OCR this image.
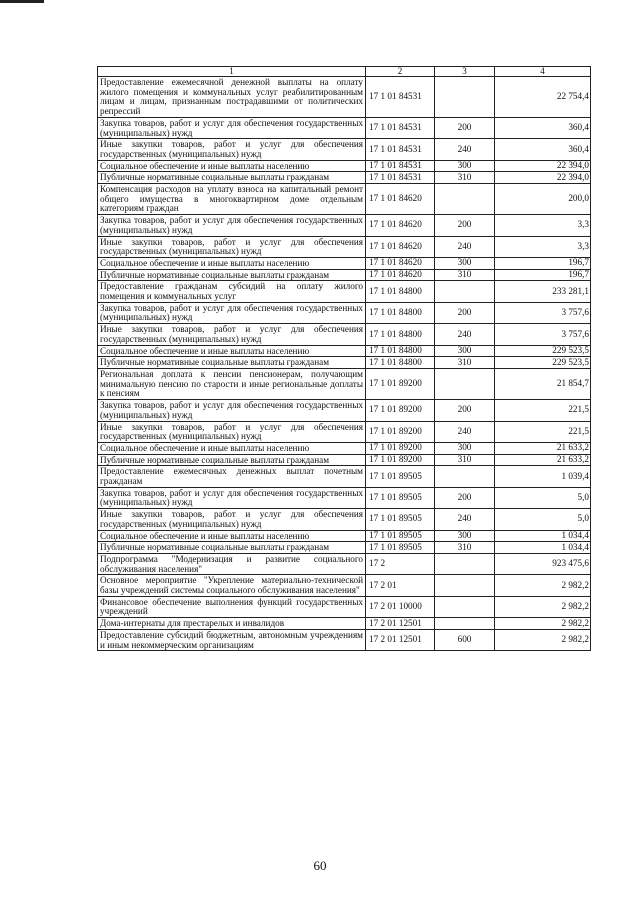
1	2	3	4
Предоставление ежемесячной денежной выплаты на оплату жилого помещения и коммунальных услуг реабилитированным лицам и лицам, признанным пострадавшими от политических репрессий	17 1 01 84531		22 754,4
Закупка товаров, работ и услуг для обеспечения государственных (муниципальных) нужд	17 1 01 84531	200	360,4
Иные закупки товаров, работ и услуг для обеспечения государственных (муниципальных) нужд	17 1 01 84531	240	360,4
Социальное обеспечение и иные выплаты населению	17 1 01 84531	300	22 394,0
Публичные нормативные социальные выплаты гражданам	17 1 01 84531	310	22 394,0
Компенсация расходов на уплату взноса на капитальный ремонт общего имущества в многоквартирном доме отдельным категориям граждан	17 1 01 84620		200,0
Закупка товаров, работ и услуг для обеспечения государственных (муниципальных) нужд	17 1 01 84620	200	3,3
Иные закупки товаров, работ и услуг для обеспечения государственных (муниципальных) нужд	17 1 01 84620	240	3,3
Социальное обеспечение и иные выплаты населению	17 1 01 84620	300	196,7
Публичные нормативные социальные выплаты гражданам	17 1 01 84620	310	196,7
Предоставление гражданам субсидий на оплату жилого помещения и коммунальных услуг	17 1 01 84800		233 281,1
Закупка товаров, работ и услуг для обеспечения государственных (муниципальных) нужд	17 1 01 84800	200	3 757,6
Иные закупки товаров, работ и услуг для обеспечения государственных (муниципальных) нужд	17 1 01 84800	240	3 757,6
Социальное обеспечение и иные выплаты населению	17 1 01 84800	300	229 523,5
Публичные нормативные социальные выплаты гражданам	17 1 01 84800	310	229 523,5
Региональная доплата к пенсии пенсионерам, получающим минимальную пенсию по старости и иные региональные доплаты к пенсиям	17 1 01 89200		21 854,7
Закупка товаров, работ и услуг для обеспечения государственных (муниципальных) нужд	17 1 01 89200	200	221,5
Иные закупки товаров, работ и услуг для обеспечения государственных (муниципальных) нужд	17 1 01 89200	240	221,5
Социальное обеспечение и иные выплаты населению	17 1 01 89200	300	21 633,2
Публичные нормативные социальные выплаты гражданам	17 1 01 89200	310	21 633,2
Предоставление ежемесячных денежных выплат почетным гражданам	17 1 01 89505		1 039,4
Закупка товаров, работ и услуг для обеспечения государственных (муниципальных) нужд	17 1 01 89505	200	5,0
Иные закупки товаров, работ и услуг для обеспечения государственных (муниципальных) нужд	17 1 01 89505	240	5,0
Социальное обеспечение и иные выплаты населению	17 1 01 89505	300	1 034,4
Публичные нормативные социальные выплаты гражданам	17 1 01 89505	310	1 034,4
Подпрограмма "Модернизация и развитие социального обслуживания населения"	17 2		923 475,6
Основное мероприятие "Укрепление материально-технической базы учреждений системы социального обслуживания населения"	17 2 01		2 982,2
Финансовое обеспечение выполнения функций государственных учреждений	17 2 01 10000		2 982,2
Дома-интернаты для престарелых и инвалидов	17 2 01 12501		2 982,2
Предоставление субсидий бюджетным, автономным учреждениям и иным некоммерческим организациям	17 2 01 12501	600	2 982,2
60
